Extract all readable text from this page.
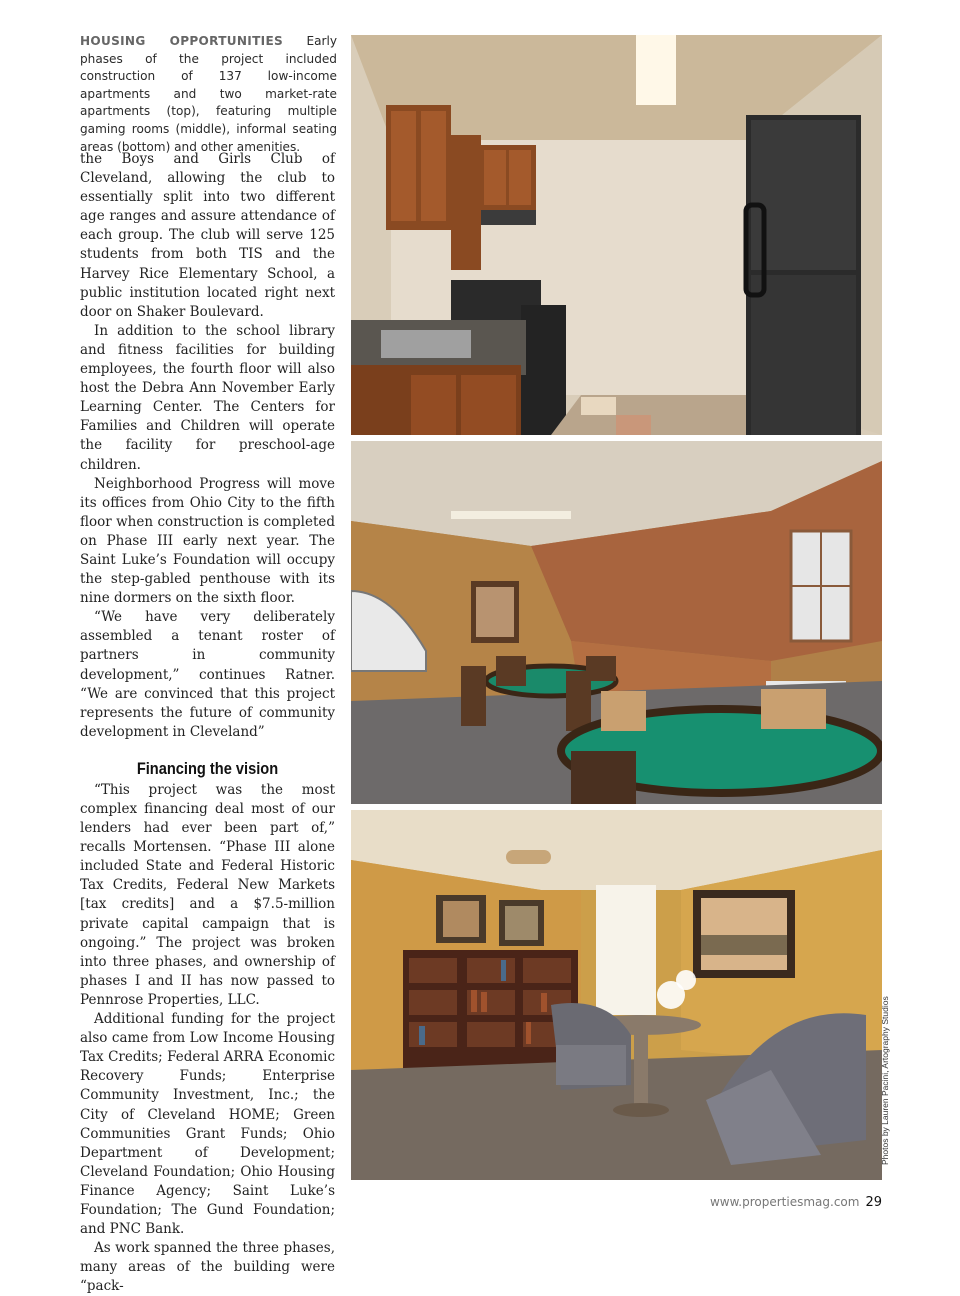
HOUSING OPPORTUNITIES Early phases of the project included construction of 137 low-income apartments and two market-rate apartments (top), featuring multiple gaming rooms (middle), informal seating areas (bottom) and other amenities.

the Boys and Girls Club of Cleveland, allowing the club to essentially split into two different age ranges and assure attendance of each group. The club will serve 125 students from both TIS and the Harvey Rice Elementary School, a public institution located right next door on Shaker Boulevard.

In addition to the school library and fitness facilities for building employees, the fourth floor will also host the Debra Ann November Early Learning Center. The Centers for Families and Children will operate the facility for preschool-age children.

Neighborhood Progress will move its offices from Ohio City to the fifth floor when construction is completed on Phase III early next year. The Saint Luke’s Foundation will occupy the step-gabled penthouse with its nine dormers on the sixth floor.

“We have very deliberately assembled a tenant roster of partners in community development,” continues Ratner. “We are convinced that this project represents the future of community development in Cleveland”

Financing the vision

“This project was the most complex financing deal most of our lenders had ever been part of,” recalls Mortensen. “Phase III alone included State and Federal Historic Tax Credits, Federal New Markets [tax credits] and a $7.5-million private capital campaign that is ongoing.” The project was broken into three phases, and ownership of phases I and II has now passed to Pennrose Properties, LLC.

Additional funding for the project also came from Low Income Housing Tax Credits; Federal ARRA Economic Recovery Funds; Enterprise Community Investment, Inc.; the City of Cleveland HOME; Green Communities Grant Funds; Ohio Department of Development; Cleveland Foundation; Ohio Housing Finance Agency; Saint Luke’s Foundation; The Gund Foundation; and PNC Bank.

As work spanned the three phases, many areas of the building were “pack-

Photos by Lauren Pacini, Artography Studios
www.propertiesmag.com 29
